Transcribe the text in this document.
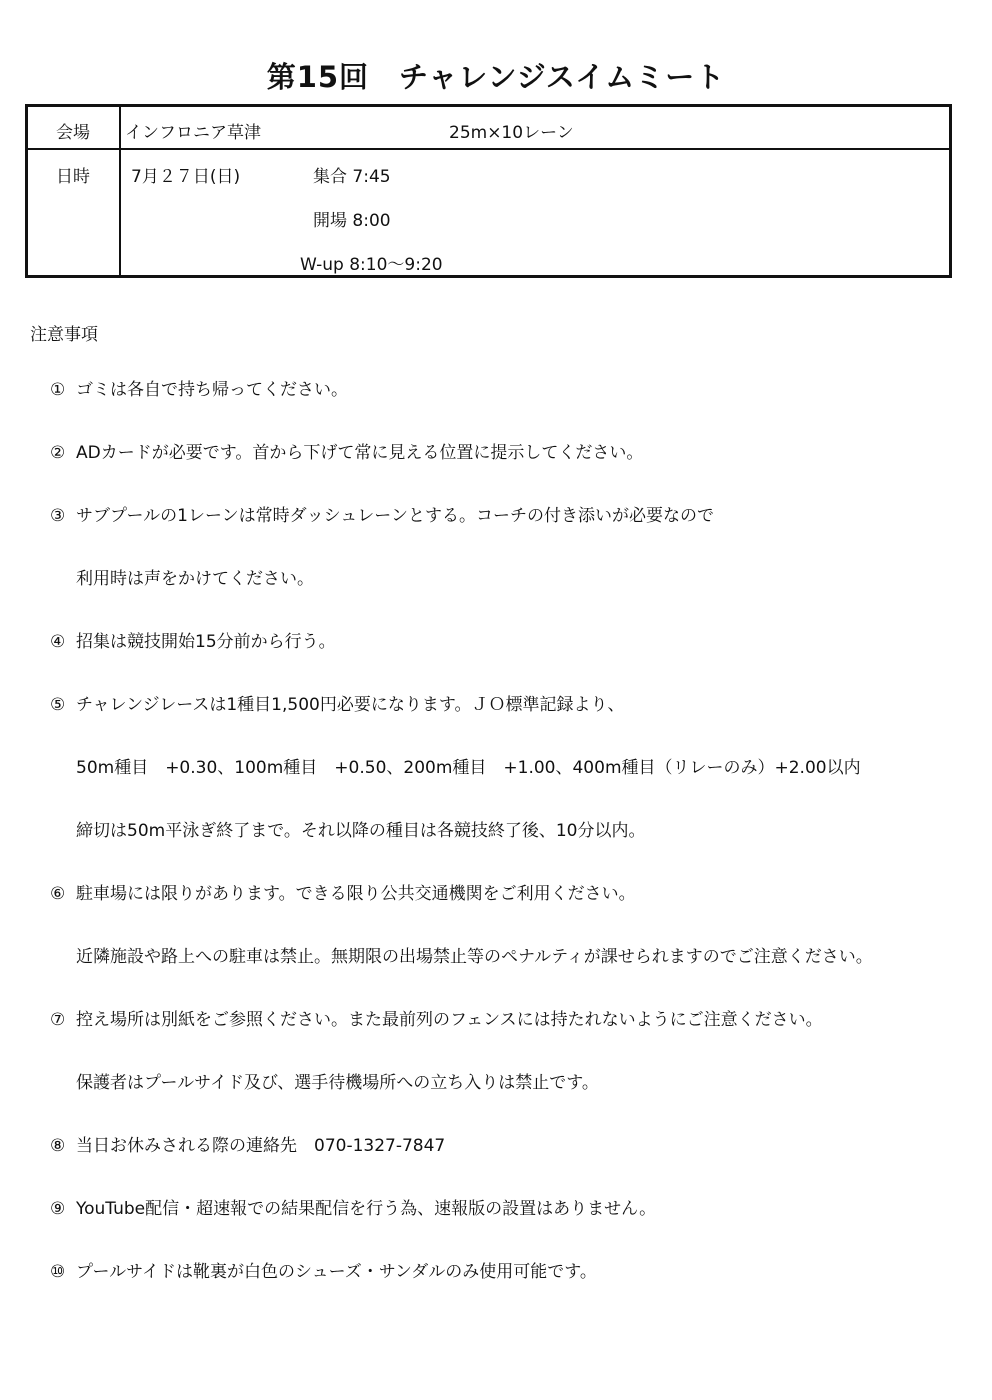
第15回　チャレンジスイムミート
会場 インフロニア草津	25m×10レーン
日時 7月２７日(日)	集合 7:45
開場 8:00
W-up 8:10～9:20
注意事項
① ゴミは各自で持ち帰ってください。
② ADカードが必要です。首から下げて常に見える位置に提示してください。
③ サブプールの1レーンは常時ダッシュレーンとする。コーチの付き添いが必要なので
利用時は声をかけてください。
④ 招集は競技開始15分前から行う。
⑤ チャレンジレースは1種目1,500円必要になります。ＪＯ標準記録より、
50m種目　+0.30、100m種目　+0.50、200m種目　+1.00、400m種目（リレーのみ）+2.00以内
締切は50m平泳ぎ終了まで。それ以降の種目は各競技終了後、10分以内。
⑥ 駐車場には限りがあります。できる限り公共交通機関をご利用ください。
近隣施設や路上への駐車は禁止。無期限の出場禁止等のペナルティが課せられますのでご注意ください。
⑦ 控え場所は別紙をご参照ください。また最前列のフェンスには持たれないようにご注意ください。
保護者はプールサイド及び、選手待機場所への立ち入りは禁止です。
⑧ 当日お休みされる際の連絡先　070-1327-7847
⑨ YouTube配信・超速報での結果配信を行う為、速報版の設置はありません。
⑩ プールサイドは靴裏が白色のシューズ・サンダルのみ使用可能です。
